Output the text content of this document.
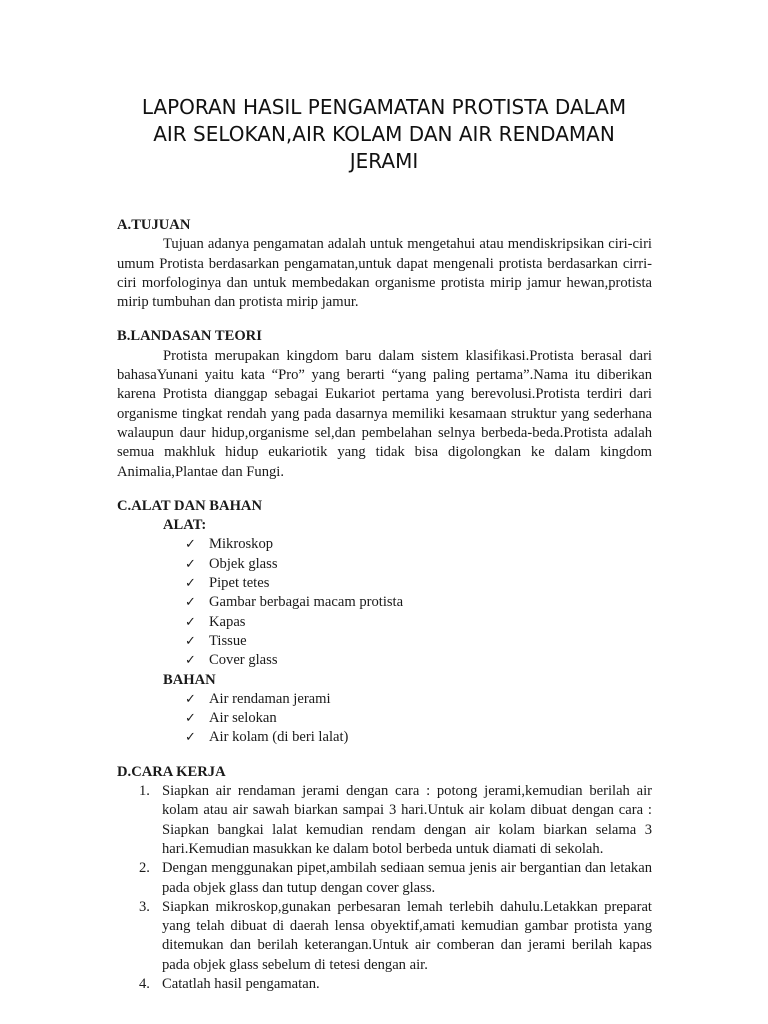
LAPORAN HASIL PENGAMATAN PROTISTA DALAM
AIR SELOKAN,AIR KOLAM DAN AIR RENDAMAN
JERAMI

A.TUJUAN

Tujuan adanya pengamatan adalah untuk mengetahui atau mendiskripsikan ciri-ciri umum Protista berdasarkan pengamatan,untuk dapat mengenali protista berdasarkan cirri-ciri morfologinya dan untuk membedakan organisme protista mirip jamur hewan,protista mirip tumbuhan dan protista mirip jamur.

B.LANDASAN TEORI

Protista merupakan kingdom baru dalam sistem klasifikasi.Protista berasal dari bahasaYunani yaitu kata “Pro” yang berarti “yang paling pertama”.Nama itu diberikan karena Protista dianggap sebagai Eukariot pertama yang berevolusi.Protista terdiri dari organisme tingkat rendah yang pada dasarnya memiliki kesamaan struktur yang sederhana walaupun daur hidup,organisme sel,dan pembelahan selnya berbeda-beda.Protista adalah semua makhluk hidup eukariotik yang tidak bisa digolongkan ke dalam kingdom Animalia,Plantae dan Fungi.

C.ALAT DAN BAHAN

ALAT:

✓ Mikroskop
✓ Objek glass
✓ Pipet tetes
✓ Gambar berbagai macam protista
✓ Kapas
✓ Tissue
✓ Cover glass

BAHAN

✓ Air rendaman jerami
✓ Air selokan
✓ Air kolam (di beri lalat)

D.CARA KERJA

1. Siapkan air rendaman jerami dengan cara : potong jerami,kemudian berilah air kolam atau air sawah biarkan sampai 3 hari.Untuk air kolam dibuat dengan cara : Siapkan bangkai lalat kemudian rendam dengan air kolam biarkan selama 3 hari.Kemudian masukkan ke dalam botol berbeda untuk diamati di sekolah.
2. Dengan menggunakan pipet,ambilah sediaan semua jenis air bergantian dan letakan pada objek glass dan tutup dengan cover glass.
3. Siapkan mikroskop,gunakan perbesaran lemah terlebih dahulu.Letakkan preparat yang telah dibuat di daerah lensa obyektif,amati kemudian gambar protista yang ditemukan dan berilah keterangan.Untuk air comberan dan jerami berilah kapas pada objek glass sebelum di tetesi dengan air.
4. Catatlah hasil pengamatan.
